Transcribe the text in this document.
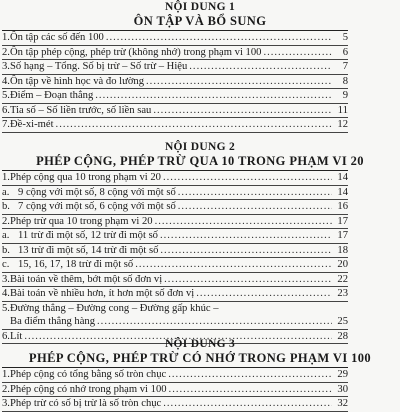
NỘI DUNG 1

ÔN TẬP VÀ BỔ SUNG

1. Ôn tập các số đến 100 .....	5
2. Ôn tập phép cộng, phép trừ (không nhớ) trong phạm vi 100 .....	6
3. Số hạng – Tổng. Số bị trừ – Số trừ – Hiệu .....	7
4. Ôn tập về hình học và đo lường .....	8
5. Điểm – Đoạn thẳng .....	9
6. Tia số – Số liền trước, số liền sau .....	11
7. Đề-xi-mét .....	12

NỘI DUNG 2

PHÉP CỘNG, PHÉP TRỪ QUA 10 TRONG PHẠM VI 20

1. Phép cộng qua 10 trong phạm vi 20 .....	14
a. 9 cộng với một số, 8 cộng với một số .....	14
b. 7 cộng với một số, 6 cộng với một số .....	16
2. Phép trừ qua 10 trong phạm vi 20 .....	17
a. 11 trừ đi một số, 12 trừ đi một số .....	17
b. 13 trừ đi một số, 14 trừ đi một số .....	18
c. 15, 16, 17, 18 trừ đi một số .....	20
3. Bài toán về thêm, bớt một số đơn vị .....	22
4. Bài toán về nhiều hơn, ít hơn một số đơn vị .....	23
5. Đường thẳng – Đường cong – Đường gấp khúc –
Ba điểm thẳng hàng .....	25
6. Lít .....	28

NỘI DUNG 3

PHÉP CỘNG, PHÉP TRỪ CÓ NHỚ TRONG PHẠM VI 100

1. Phép cộng có tổng bằng số tròn chục .....	29
2. Phép cộng có nhớ trong phạm vi 100 .....	30
3. Phép trừ có số bị trừ là số tròn chục .....	32
